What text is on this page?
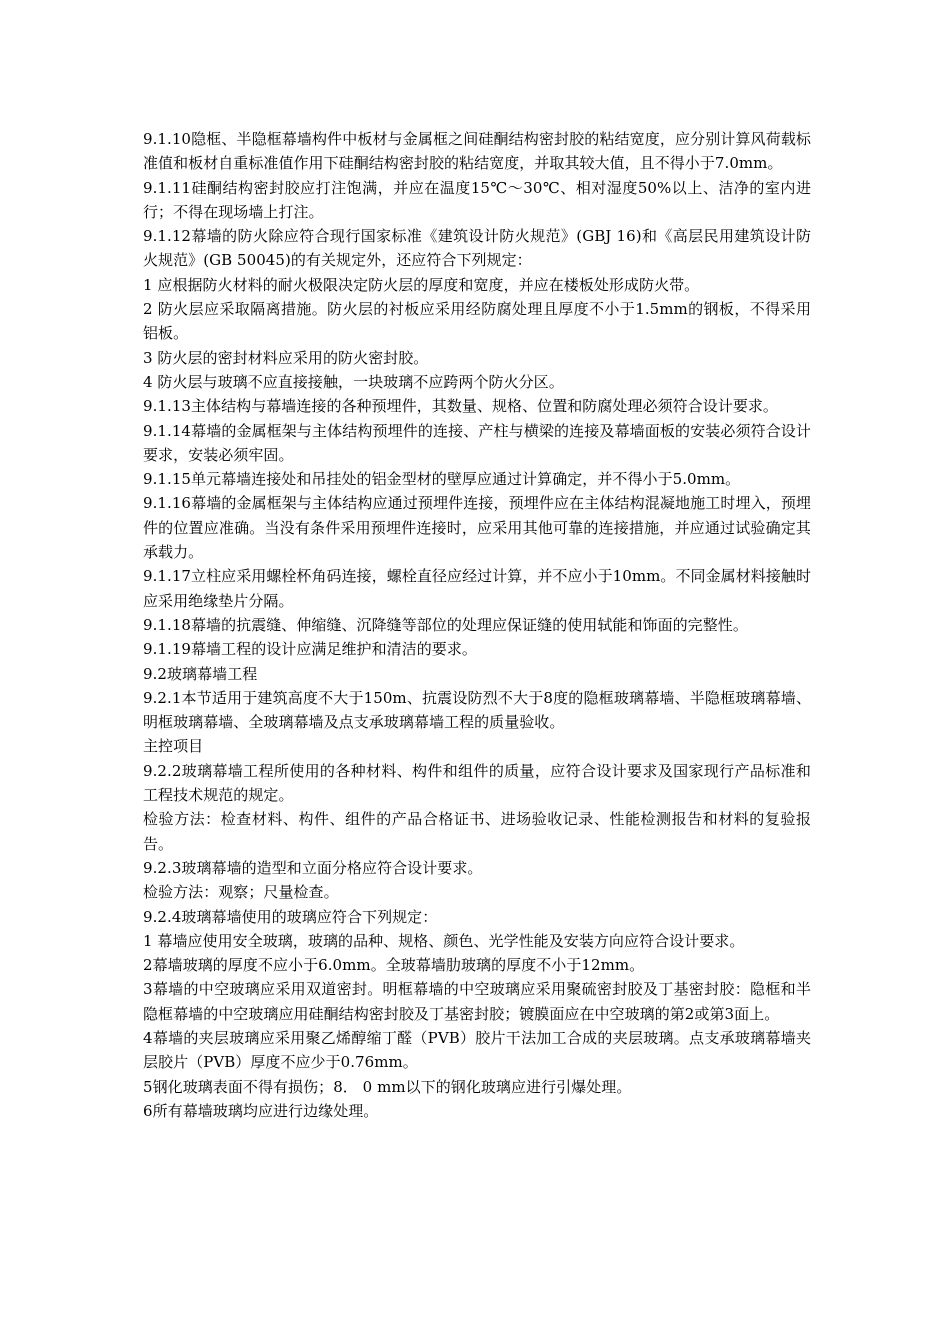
9.1.10隐框、半隐框幕墙构件中板材与金属框之间硅酮结构密封胶的粘结宽度，应分别计算风荷载标准值和板材自重标准值作用下硅酮结构密封胶的粘结宽度，并取其较大值，且不得小于7.0mm。

9.1.11硅酮结构密封胶应打注饱满，并应在温度15℃～30℃、相对湿度50%以上、洁净的室内进行；不得在现场墙上打注。

9.1.12幕墙的防火除应符合现行国家标准《建筑设计防火规范》(GBJ 16)和《高层民用建筑设计防火规范》(GB 50045)的有关规定外，还应符合下列规定：

1 应根据防火材料的耐火极限决定防火层的厚度和宽度，并应在楼板处形成防火带。

2 防火层应采取隔离措施。防火层的衬板应采用经防腐处理且厚度不小于1.5mm的钢板，不得采用铝板。

3 防火层的密封材料应采用的防火密封胶。

4 防火层与玻璃不应直接接触，一块玻璃不应跨两个防火分区。

9.1.13主体结构与幕墙连接的各种预埋件，其数量、规格、位置和防腐处理必须符合设计要求。

9.1.14幕墙的金属框架与主体结构预埋件的连接、产柱与横梁的连接及幕墙面板的安装必须符合设计要求，安装必须牢固。

9.1.15单元幕墙连接处和吊挂处的铝金型材的壁厚应通过计算确定，并不得小于5.0mm。

9.1.16幕墙的金属框架与主体结构应通过预埋件连接，预埋件应在主体结构混凝地施工时埋入，预埋件的位置应准确。当没有条件采用预埋件连接时，应采用其他可靠的连接措施，并应通过试验确定其承载力。

9.1.17立柱应采用螺栓杯角码连接，螺栓直径应经过计算，并不应小于10mm。不同金属材料接触时应采用绝缘垫片分隔。

9.1.18幕墙的抗震缝、伸缩缝、沉降缝等部位的处理应保证缝的使用轼能和饰面的完整性。

9.1.19幕墙工程的设计应满足维护和清洁的要求。

9.2玻璃幕墙工程

9.2.1本节适用于建筑高度不大于150m、抗震设防烈不大于8度的隐框玻璃幕墙、半隐框玻璃幕墙、明框玻璃幕墙、全玻璃幕墙及点支承玻璃幕墙工程的质量验收。

主控项目

9.2.2玻璃幕墙工程所使用的各种材料、构件和组件的质量，应符合设计要求及国家现行产品标准和工程技术规范的规定。

检验方法：检查材料、构件、组件的产品合格证书、进场验收记录、性能检测报告和材料的复验报告。

9.2.3玻璃幕墙的造型和立面分格应符合设计要求。

检验方法：观察；尺量检查。

9.2.4玻璃幕墙使用的玻璃应符合下列规定：

1 幕墙应使用安全玻璃，玻璃的品种、规格、颜色、光学性能及安装方向应符合设计要求。

2幕墙玻璃的厚度不应小于6.0mm。全玻幕墙肋玻璃的厚度不小于12mm。

3幕墙的中空玻璃应采用双道密封。明框幕墙的中空玻璃应采用聚硫密封胶及丁基密封胶：隐框和半隐框幕墙的中空玻璃应用硅酮结构密封胶及丁基密封胶；镀膜面应在中空玻璃的第2或第3面上。

4幕墙的夹层玻璃应采用聚乙烯醇缩丁醛（PVB）胶片干法加工合成的夹层玻璃。点支承玻璃幕墙夹层胶片（PVB）厚度不应少于0.76mm。

5钢化玻璃表面不得有损伤；8． 0 mm以下的钢化玻璃应进行引爆处理。

6所有幕墙玻璃均应进行边缘处理。
